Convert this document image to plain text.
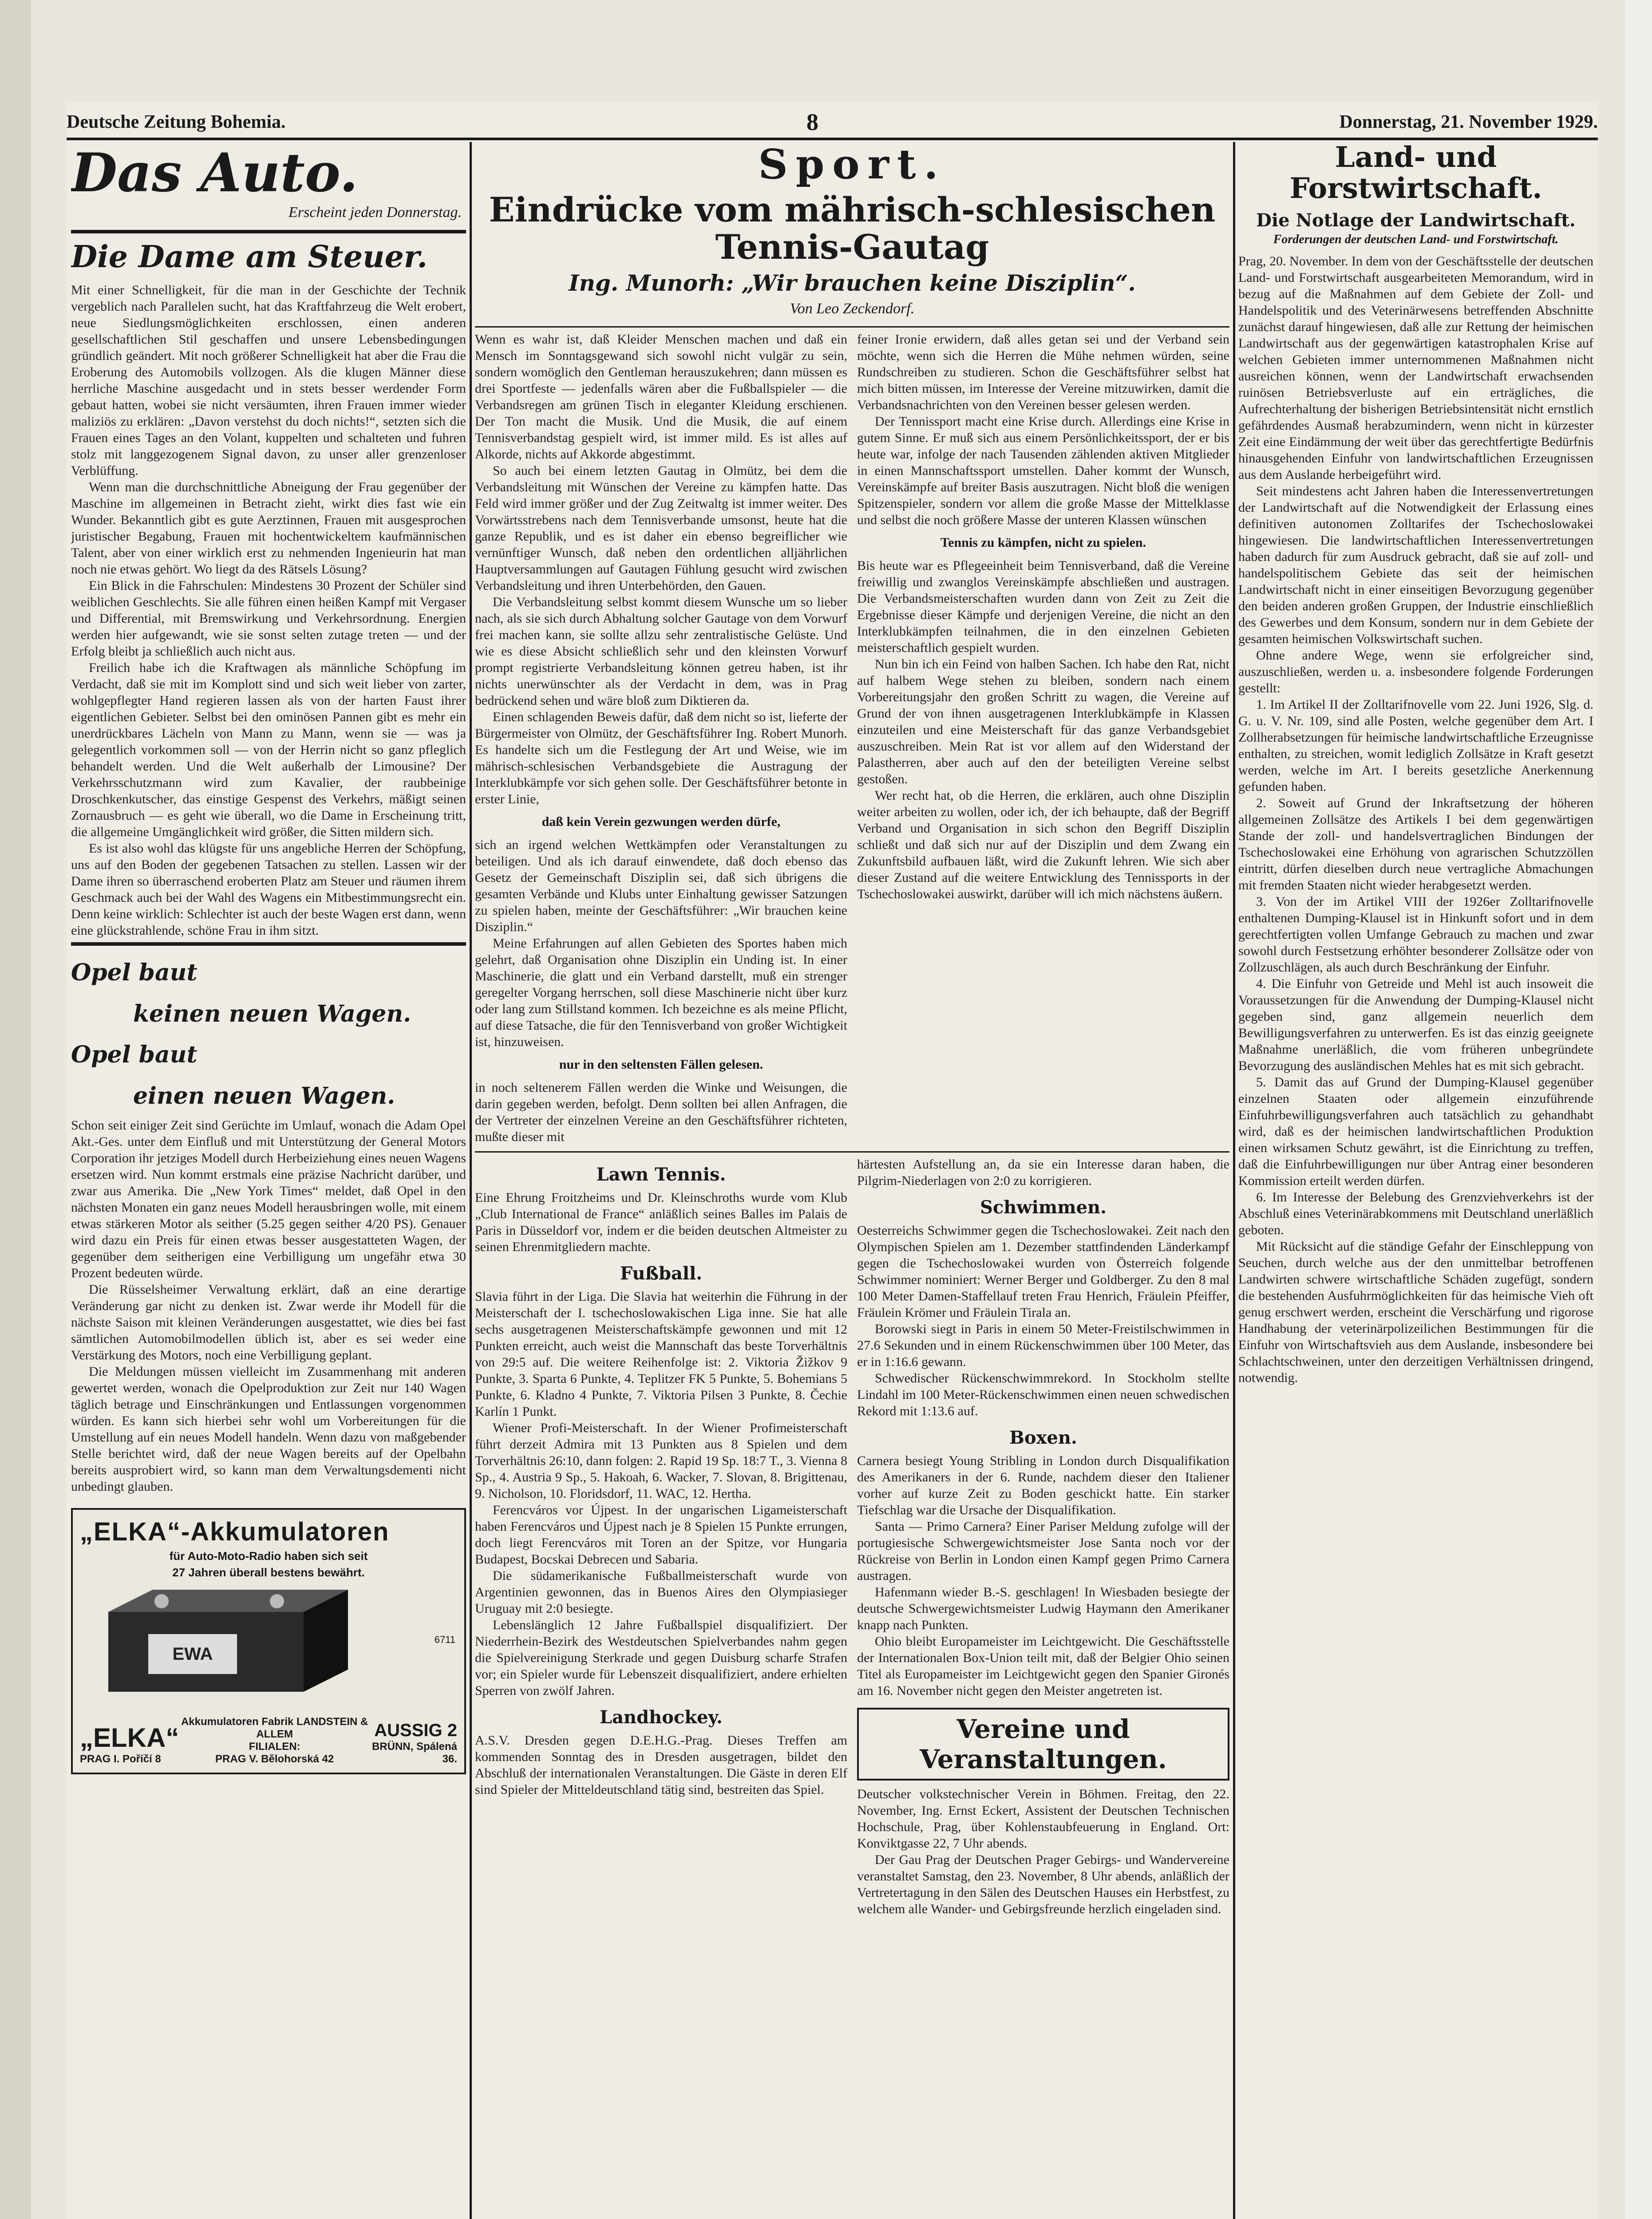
Deutsche Zeitung Bohemia.	8	Donnerstag, 21. November 1929.
Das Auto.
Erscheint jeden Donnerstag.
Die Dame am Steuer.

Mit einer Schnelligkeit, für die man in der Geschichte der Technik vergeblich nach Parallelen sucht, hat das Kraftfahrzeug die Welt erobert, neue Siedlungsmöglichkeiten erschlossen, einen anderen gesellschaftlichen Stil geschaffen und unsere Lebensbedingungen gründlich geändert. Mit noch größerer Schnelligkeit hat aber die Frau die Eroberung des Automobils vollzogen. Als die klugen Männer diese herrliche Maschine ausgedacht und in stets besser werdender Form gebaut hatten, wobei sie nicht versäumten, ihren Frauen immer wieder maliziös zu erklären: „Davon verstehst du doch nichts!“, setzten sich die Frauen eines Tages an den Volant, kuppelten und schalteten und fuhren stolz mit langgezogenem Signal davon, zu unser aller grenzenloser Verblüffung.

Wenn man die durchschnittliche Abneigung der Frau gegenüber der Maschine im allgemeinen in Betracht zieht, wirkt dies fast wie ein Wunder. Bekanntlich gibt es gute Aerztinnen, Frauen mit ausgesprochen juristischer Begabung, Frauen mit hochentwickeltem kaufmännischen Talent, aber von einer wirklich erst zu nehmenden Ingenieurin hat man noch nie etwas gehört. Wo liegt da des Rätsels Lösung?

Ein Blick in die Fahrschulen: Mindestens 30 Prozent der Schüler sind weiblichen Geschlechts. Sie alle führen einen heißen Kampf mit Vergaser und Differential, mit Bremswirkung und Verkehrsordnung. Energien werden hier aufgewandt, wie sie sonst selten zutage treten — und der Erfolg bleibt ja schließlich auch nicht aus.

Freilich habe ich die Kraftwagen als männliche Schöpfung im Verdacht, daß sie mit im Komplott sind und sich weit lieber von zarter, wohlgepflegter Hand regieren lassen als von der harten Faust ihrer eigentlichen Gebieter. Selbst bei den ominösen Pannen gibt es mehr ein unerdrückbares Lächeln von Mann zu Mann, wenn sie — was ja gelegentlich vorkommen soll — von der Herrin nicht so ganz pfleglich behandelt werden. Und die Welt außerhalb der Limousine? Der Verkehrsschutzmann wird zum Kavalier, der raubbeinige Droschkenkutscher, das einstige Gespenst des Verkehrs, mäßigt seinen Zornausbruch — es geht wie überall, wo die Dame in Erscheinung tritt, die allgemeine Umgänglichkeit wird größer, die Sitten mildern sich.

Es ist also wohl das klügste für uns angebliche Herren der Schöpfung, uns auf den Boden der gegebenen Tatsachen zu stellen. Lassen wir der Dame ihren so überraschend eroberten Platz am Steuer und räumen ihrem Geschmack auch bei der Wahl des Wagens ein Mitbestimmungsrecht ein. Denn keine wirklich: Schlechter ist auch der beste Wagen erst dann, wenn eine glückstrahlende, schöne Frau in ihm sitzt.

Opel baut
keinen neuen Wagen.
Opel baut
einen neuen Wagen.

Schon seit einiger Zeit sind Gerüchte im Umlauf, wonach die Adam Opel Akt.-Ges. unter dem Einfluß und mit Unterstützung der General Motors Corporation ihr jetziges Modell durch Herbeiziehung eines neuen Wagens ersetzen wird. Nun kommt erstmals eine präzise Nachricht darüber, und zwar aus Amerika. Die „New York Times“ meldet, daß Opel in den nächsten Monaten ein ganz neues Modell herausbringen wolle, mit einem etwas stärkeren Motor als seither (5.25 gegen seither 4/20 PS). Genauer wird dazu ein Preis für einen etwas besser ausgestatteten Wagen, der gegenüber dem seitherigen eine Verbilligung um ungefähr etwa 30 Prozent bedeuten würde.

Die Rüsselsheimer Verwaltung erklärt, daß an eine derartige Veränderung gar nicht zu denken ist. Zwar werde ihr Modell für die nächste Saison mit kleinen Veränderungen ausgestattet, wie dies bei fast sämtlichen Automobilmodellen üblich ist, aber es sei weder eine Verstärkung des Motors, noch eine Verbilligung geplant.

Die Meldungen müssen vielleicht im Zusammenhang mit anderen gewertet werden, wonach die Opelproduktion zur Zeit nur 140 Wagen täglich betrage und Einschränkungen und Entlassungen vorgenommen würden. Es kann sich hierbei sehr wohl um Vorbereitungen für die Umstellung auf ein neues Modell handeln. Wenn dazu von maßgebender Stelle berichtet wird, daß der neue Wagen bereits auf der Opelbahn bereits ausprobiert wird, so kann man dem Verwaltungsdementi nicht unbedingt glauben.

„ELKA“-Akkumulatoren
für Auto-Moto-Radio haben sich seit
27 Jahren überall bestens bewährt.
EWA
6711
„ELKA“
PRAG I. Poříčí 8
Akkumulatoren Fabrik LANDSTEIN & ALLEM
FILIALEN:
PRAG V. Bělohorská 42
AUSSIG 2
BRÜNN, Spálená 36.
Sport.
Eindrücke vom mährisch-schlesischen Tennis-Gautag
Ing. Munorh: „Wir brauchen keine Disziplin“.
Von Leo Zeckendorf.

Wenn es wahr ist, daß Kleider Menschen machen und daß ein Mensch im Sonntagsgewand sich sowohl nicht vulgär zu sein, sondern womöglich den Gentleman herauszukehren; dann müssen es drei Sportfeste — jedenfalls wären aber die Fußballspieler — die Verbandsregen am grünen Tisch in eleganter Kleidung erschienen. Der Ton macht die Musik. Und die Musik, die auf einem Tennisverbandstag gespielt wird, ist immer mild. Es ist alles auf Alkorde, nichts auf Akkorde abgestimmt.

So auch bei einem letzten Gautag in Olmütz, bei dem die Verbandsleitung mit Wünschen der Vereine zu kämpfen hatte. Das Feld wird immer größer und der Zug Zeitwaltg ist immer weiter. Des Vorwärtsstrebens nach dem Tennisverbande umsonst, heute hat die ganze Republik, und es ist daher ein ebenso begreiflicher wie vernünftiger Wunsch, daß neben den ordentlichen alljährlichen Hauptversammlungen auf Gautagen Fühlung gesucht wird zwischen Verbandsleitung und ihren Unterbehörden, den Gauen.

Die Verbandsleitung selbst kommt diesem Wunsche um so lieber nach, als sie sich durch Abhaltung solcher Gautage von dem Vorwurf frei machen kann, sie sollte allzu sehr zentralistische Gelüste. Und wie es diese Absicht schließlich sehr und den kleinsten Vorwurf prompt registrierte Verbandsleitung können getreu haben, ist ihr nichts unerwünschter als der Verdacht in dem, was in Prag bedrückend sehen und wäre bloß zum Diktieren da.

Einen schlagenden Beweis dafür, daß dem nicht so ist, lieferte der Bürgermeister von Olmütz, der Geschäftsführer Ing. Robert Munorh. Es handelte sich um die Festlegung der Art und Weise, wie im mährisch-schlesischen Verbandsgebiete die Austragung der Interklubkämpfe vor sich gehen solle. Der Geschäftsführer betonte in erster Linie,

daß kein Verein gezwungen werden dürfe,

sich an irgend welchen Wettkämpfen oder Veranstaltungen zu beteiligen. Und als ich darauf einwendete, daß doch ebenso das Gesetz der Gemeinschaft Disziplin sei, daß sich übrigens die gesamten Verbände und Klubs unter Einhaltung gewisser Satzungen zu spielen haben, meinte der Geschäftsführer: „Wir brauchen keine Disziplin.“

Meine Erfahrungen auf allen Gebieten des Sportes haben mich gelehrt, daß Organisation ohne Disziplin ein Unding ist. In einer Maschinerie, die glatt und ein Verband darstellt, muß ein strenger geregelter Vorgang herrschen, soll diese Maschinerie nicht über kurz oder lang zum Stillstand kommen. Ich bezeichne es als meine Pflicht, auf diese Tatsache, die für den Tennisverband von großer Wichtigkeit ist, hinzuweisen.

nur in den seltensten Fällen gelesen.

in noch seltenerem Fällen werden die Winke und Weisungen, die darin gegeben werden, befolgt. Denn sollten bei allen Anfragen, die der Vertreter der einzelnen Vereine an den Geschäftsführer richteten, mußte dieser mit

feiner Ironie erwidern, daß alles getan sei und der Verband sein möchte, wenn sich die Herren die Mühe nehmen würden, seine Rundschreiben zu studieren. Schon die Geschäftsführer selbst hat mich bitten müssen, im Interesse der Vereine mitzuwirken, damit die Verbandsnachrichten von den Vereinen besser gelesen werden.

Der Tennissport macht eine Krise durch. Allerdings eine Krise in gutem Sinne. Er muß sich aus einem Persönlichkeitssport, der er bis heute war, infolge der nach Tausenden zählenden aktiven Mitglieder in einen Mannschaftssport umstellen. Daher kommt der Wunsch, Vereinskämpfe auf breiter Basis auszutragen. Nicht bloß die wenigen Spitzenspieler, sondern vor allem die große Masse der Mittelklasse und selbst die noch größere Masse der unteren Klassen wünschen

Tennis zu kämpfen, nicht zu spielen.

Bis heute war es Pflegeeinheit beim Tennisverband, daß die Vereine freiwillig und zwanglos Vereinskämpfe abschließen und austragen. Die Verbandsmeisterschaften wurden dann von Zeit zu Zeit die Ergebnisse dieser Kämpfe und derjenigen Vereine, die nicht an den Interklubkämpfen teilnahmen, die in den einzelnen Gebieten meisterschaftlich gespielt wurden.

Nun bin ich ein Feind von halben Sachen. Ich habe den Rat, nicht auf halbem Wege stehen zu bleiben, sondern nach einem Vorbereitungsjahr den großen Schritt zu wagen, die Vereine auf Grund der von ihnen ausgetragenen Interklubkämpfe in Klassen einzuteilen und eine Meisterschaft für das ganze Verbandsgebiet auszuschreiben. Mein Rat ist vor allem auf den Widerstand der Palastherren, aber auch auf den der beteiligten Vereine selbst gestoßen.

Wer recht hat, ob die Herren, die erklären, auch ohne Disziplin weiter arbeiten zu wollen, oder ich, der ich behaupte, daß der Begriff Verband und Organisation in sich schon den Begriff Disziplin schließt und daß sich nur auf der Disziplin und dem Zwang ein Zukunftsbild aufbauen läßt, wird die Zukunft lehren. Wie sich aber dieser Zustand auf die weitere Entwicklung des Tennissports in der Tschechoslowakei auswirkt, darüber will ich mich nächstens äußern.

Lawn Tennis.

Eine Ehrung Froitzheims und Dr. Kleinschroths wurde vom Klub „Club International de France“ anläßlich seines Balles im Palais de Paris in Düsseldorf vor, indem er die beiden deutschen Altmeister zu seinen Ehrenmitgliedern machte.

Fußball.

Slavia führt in der Liga. Die Slavia hat weiterhin die Führung in der Meisterschaft der I. tschechoslowakischen Liga inne. Sie hat alle sechs ausgetragenen Meisterschaftskämpfe gewonnen und mit 12 Punkten erreicht, auch weist die Mannschaft das beste Torverhältnis von 29:5 auf. Die weitere Reihenfolge ist: 2. Viktoria Žižkov 9 Punkte, 3. Sparta 6 Punkte, 4. Teplitzer FK 5 Punkte, 5. Bohemians 5 Punkte, 6. Kladno 4 Punkte, 7. Viktoria Pilsen 3 Punkte, 8. Čechie Karlín 1 Punkt.

Wiener Profi-Meisterschaft. In der Wiener Profimeisterschaft führt derzeit Admira mit 13 Punkten aus 8 Spielen und dem Torverhältnis 26:10, dann folgen: 2. Rapid 19 Sp. 18:7 T., 3. Vienna 8 Sp., 4. Austria 9 Sp., 5. Hakoah, 6. Wacker, 7. Slovan, 8. Brigittenau, 9. Nicholson, 10. Floridsdorf, 11. WAC, 12. Hertha.

Ferencváros vor Újpest. In der ungarischen Ligameisterschaft haben Ferencváros und Újpest nach je 8 Spielen 15 Punkte errungen, doch liegt Ferencváros mit Toren an der Spitze, vor Hungaria Budapest, Bocskai Debrecen und Sabaria.

Die südamerikanische Fußballmeisterschaft wurde von Argentinien gewonnen, das in Buenos Aires den Olympiasieger Uruguay mit 2:0 besiegte.

Lebenslänglich 12 Jahre Fußballspiel disqualifiziert. Der Niederrhein-Bezirk des Westdeutschen Spielverbandes nahm gegen die Spielvereinigung Sterkrade und gegen Duisburg scharfe Strafen vor; ein Spieler wurde für Lebenszeit disqualifiziert, andere erhielten Sperren von zwölf Jahren.

Landhockey.

A.S.V. Dresden gegen D.E.H.G.-Prag. Dieses Treffen am kommenden Sonntag des in Dresden ausgetragen, bildet den Abschluß der internationalen Veranstaltungen. Die Gäste in deren Elf sind Spieler der Mitteldeutschland tätig sind, bestreiten das Spiel.

härtesten Aufstellung an, da sie ein Interesse daran haben, die Pilgrim-Niederlagen von 2:0 zu korrigieren.

Schwimmen.

Oesterreichs Schwimmer gegen die Tschechoslowakei. Zeit nach den Olympischen Spielen am 1. Dezember stattfindenden Länderkampf gegen die Tschechoslowakei wurden von Österreich folgende Schwimmer nominiert: Werner Berger und Goldberger. Zu den 8 mal 100 Meter Damen-Staffellauf treten Frau Henrich, Fräulein Pfeiffer, Fräulein Krömer und Fräulein Tirala an.

Borowski siegt in Paris in einem 50 Meter-Freistilschwimmen in 27.6 Sekunden und in einem Rückenschwimmen über 100 Meter, das er in 1:16.6 gewann.

Schwedischer Rückenschwimmrekord. In Stockholm stellte Lindahl im 100 Meter-Rückenschwimmen einen neuen schwedischen Rekord mit 1:13.6 auf.

Boxen.

Carnera besiegt Young Stribling in London durch Disqualifikation des Amerikaners in der 6. Runde, nachdem dieser den Italiener vorher auf kurze Zeit zu Boden geschickt hatte. Ein starker Tiefschlag war die Ursache der Disqualifikation.

Santa — Primo Carnera? Einer Pariser Meldung zufolge will der portugiesische Schwergewichtsmeister Jose Santa noch vor der Rückreise von Berlin in London einen Kampf gegen Primo Carnera austragen.

Hafenmann wieder B.-S. geschlagen! In Wiesbaden besiegte der deutsche Schwergewichtsmeister Ludwig Haymann den Amerikaner knapp nach Punkten.

Ohio bleibt Europameister im Leichtgewicht. Die Geschäftsstelle der Internationalen Box-Union teilt mit, daß der Belgier Ohio seinen Titel als Europameister im Leichtgewicht gegen den Spanier Gironés am 16. November nicht gegen den Meister angetreten ist.

Vereine und Veranstaltungen.

Deutscher volkstechnischer Verein in Böhmen. Freitag, den 22. November, Ing. Ernst Eckert, Assistent der Deutschen Technischen Hochschule, Prag, über Kohlenstaubfeuerung in England. Ort: Konviktgasse 22, 7 Uhr abends.

Der Gau Prag der Deutschen Prager Gebirgs- und Wandervereine veranstaltet Samstag, den 23. November, 8 Uhr abends, anläßlich der Vertretertagung in den Sälen des Deutschen Hauses ein Herbstfest, zu welchem alle Wander- und Gebirgsfreunde herzlich eingeladen sind.

Land- und Forstwirtschaft.
Die Notlage der Landwirtschaft.
Forderungen der deutschen Land- und Forstwirtschaft.

Prag, 20. November. In dem von der Geschäftsstelle der deutschen Land- und Forstwirtschaft ausgearbeiteten Memorandum, wird in bezug auf die Maßnahmen auf dem Gebiete der Zoll- und Handelspolitik und des Veterinärwesens betreffenden Abschnitte zunächst darauf hingewiesen, daß alle zur Rettung der heimischen Landwirtschaft aus der gegenwärtigen katastrophalen Krise auf welchen Gebieten immer unternommenen Maßnahmen nicht ausreichen können, wenn der Landwirtschaft erwachsenden ruinösen Betriebsverluste auf ein erträgliches, die Aufrechterhaltung der bisherigen Betriebsintensität nicht ernstlich gefährdendes Ausmaß herabzumindern, wenn nicht in kürzester Zeit eine Eindämmung der weit über das gerechtfertigte Bedürfnis hinausgehenden Einfuhr von landwirtschaftlichen Erzeugnissen aus dem Auslande herbeigeführt wird.

Seit mindestens acht Jahren haben die Interessenvertretungen der Landwirtschaft auf die Notwendigkeit der Erlassung eines definitiven autonomen Zolltarifes der Tschechoslowakei hingewiesen. Die landwirtschaftlichen Interessenvertretungen haben dadurch für zum Ausdruck gebracht, daß sie auf zoll- und handelspolitischem Gebiete das seit der heimischen Landwirtschaft nicht in einer einseitigen Bevorzugung gegenüber den beiden anderen großen Gruppen, der Industrie einschließlich des Gewerbes und dem Konsum, sondern nur in dem Gebiete der gesamten heimischen Volkswirtschaft suchen.

Ohne andere Wege, wenn sie erfolgreicher sind, auszuschließen, werden u. a. insbesondere folgende Forderungen gestellt:

1. Im Artikel II der Zolltarifnovelle vom 22. Juni 1926, Slg. d. G. u. V. Nr. 109, sind alle Posten, welche gegenüber dem Art. I Zollherabsetzungen für heimische landwirtschaftliche Erzeugnisse enthalten, zu streichen, womit lediglich Zollsätze in Kraft gesetzt werden, welche im Art. I bereits gesetzliche Anerkennung gefunden haben.

2. Soweit auf Grund der Inkraftsetzung der höheren allgemeinen Zollsätze des Artikels I bei dem gegenwärtigen Stande der zoll- und handelsvertraglichen Bindungen der Tschechoslowakei eine Erhöhung von agrarischen Schutzzöllen eintritt, dürfen dieselben durch neue vertragliche Abmachungen mit fremden Staaten nicht wieder herabgesetzt werden.

3. Von der im Artikel VIII der 1926er Zolltarifnovelle enthaltenen Dumping-Klausel ist in Hinkunft sofort und in dem gerechtfertigten vollen Umfange Gebrauch zu machen und zwar sowohl durch Festsetzung erhöhter besonderer Zollsätze oder von Zollzuschlägen, als auch durch Beschränkung der Einfuhr.

4. Die Einfuhr von Getreide und Mehl ist auch insoweit die Voraussetzungen für die Anwendung der Dumping-Klausel nicht gegeben sind, ganz allgemein neuerlich dem Bewilligungsverfahren zu unterwerfen. Es ist das einzig geeignete Maßnahme unerläßlich, die vom früheren unbegründete Bevorzugung des ausländischen Mehles hat es mit sich gebracht.

5. Damit das auf Grund der Dumping-Klausel gegenüber einzelnen Staaten oder allgemein einzuführende Einfuhrbewilligungsverfahren auch tatsächlich zu gehandhabt wird, daß es der heimischen landwirtschaftlichen Produktion einen wirksamen Schutz gewährt, ist die Einrichtung zu treffen, daß die Einfuhrbewilligungen nur über Antrag einer besonderen Kommission erteilt werden dürfen.

6. Im Interesse der Belebung des Grenzviehverkehrs ist der Abschluß eines Veterinärabkommens mit Deutschland unerläßlich geboten.

Mit Rücksicht auf die ständige Gefahr der Einschleppung von Seuchen, durch welche aus der den unmittelbar betroffenen Landwirten schwere wirtschaftliche Schäden zugefügt, sondern die bestehenden Ausfuhrmöglichkeiten für das heimische Vieh oft genug erschwert werden, erscheint die Verschärfung und rigorose Handhabung der veterinärpolizeilichen Bestimmungen für die Einfuhr von Wirtschaftsvieh aus dem Auslande, insbesondere bei Schlachtschweinen, unter den derzeitigen Verhältnissen dringend, notwendig.
